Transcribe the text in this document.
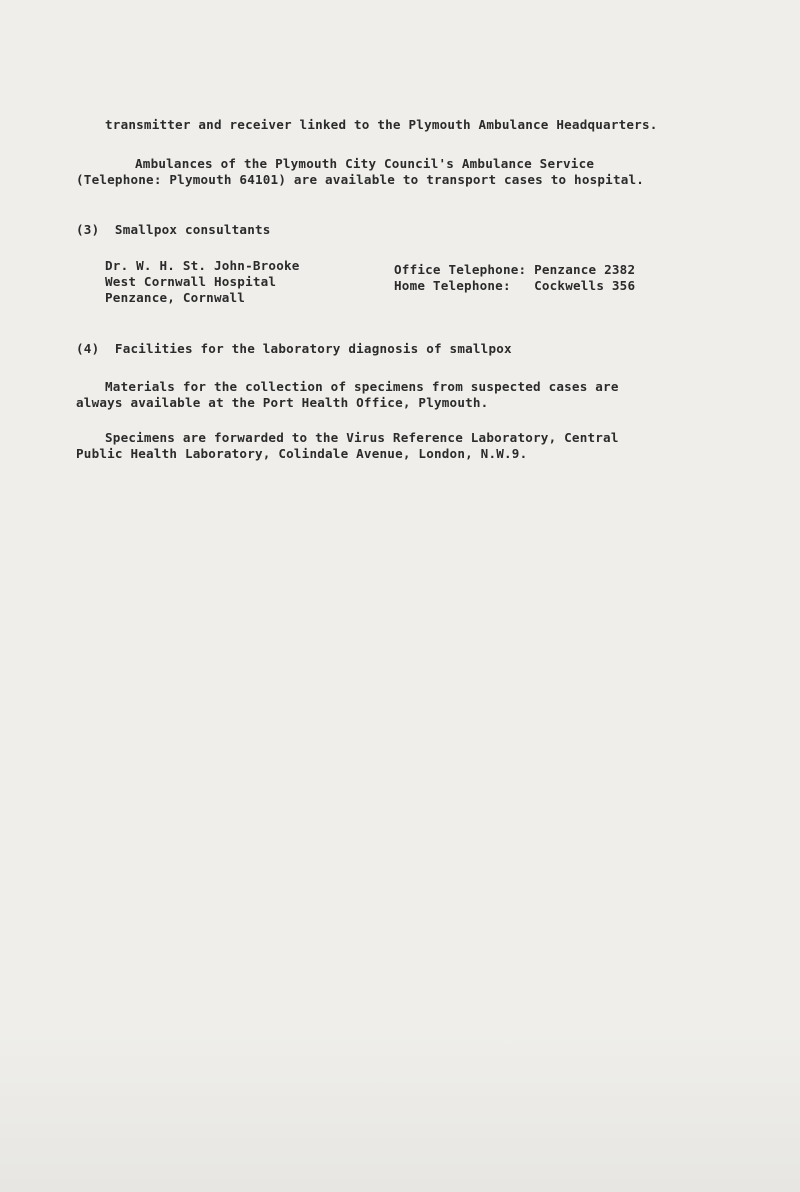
transmitter and receiver linked to the Plymouth Ambulance Headquarters.
Ambulances of the Plymouth City Council's Ambulance Service
(Telephone: Plymouth 64101) are available to transport cases to hospital.
(3)  Smallpox consultants
Dr. W. H. St. John-Brooke
West Cornwall Hospital
Penzance, Cornwall
Office Telephone: Penzance 2382
Home Telephone:   Cockwells 356
(4)  Facilities for the laboratory diagnosis of smallpox
Materials for the collection of specimens from suspected cases are
always available at the Port Health Office, Plymouth.
Specimens are forwarded to the Virus Reference Laboratory, Central
Public Health Laboratory, Colindale Avenue, London, N.W.9.
